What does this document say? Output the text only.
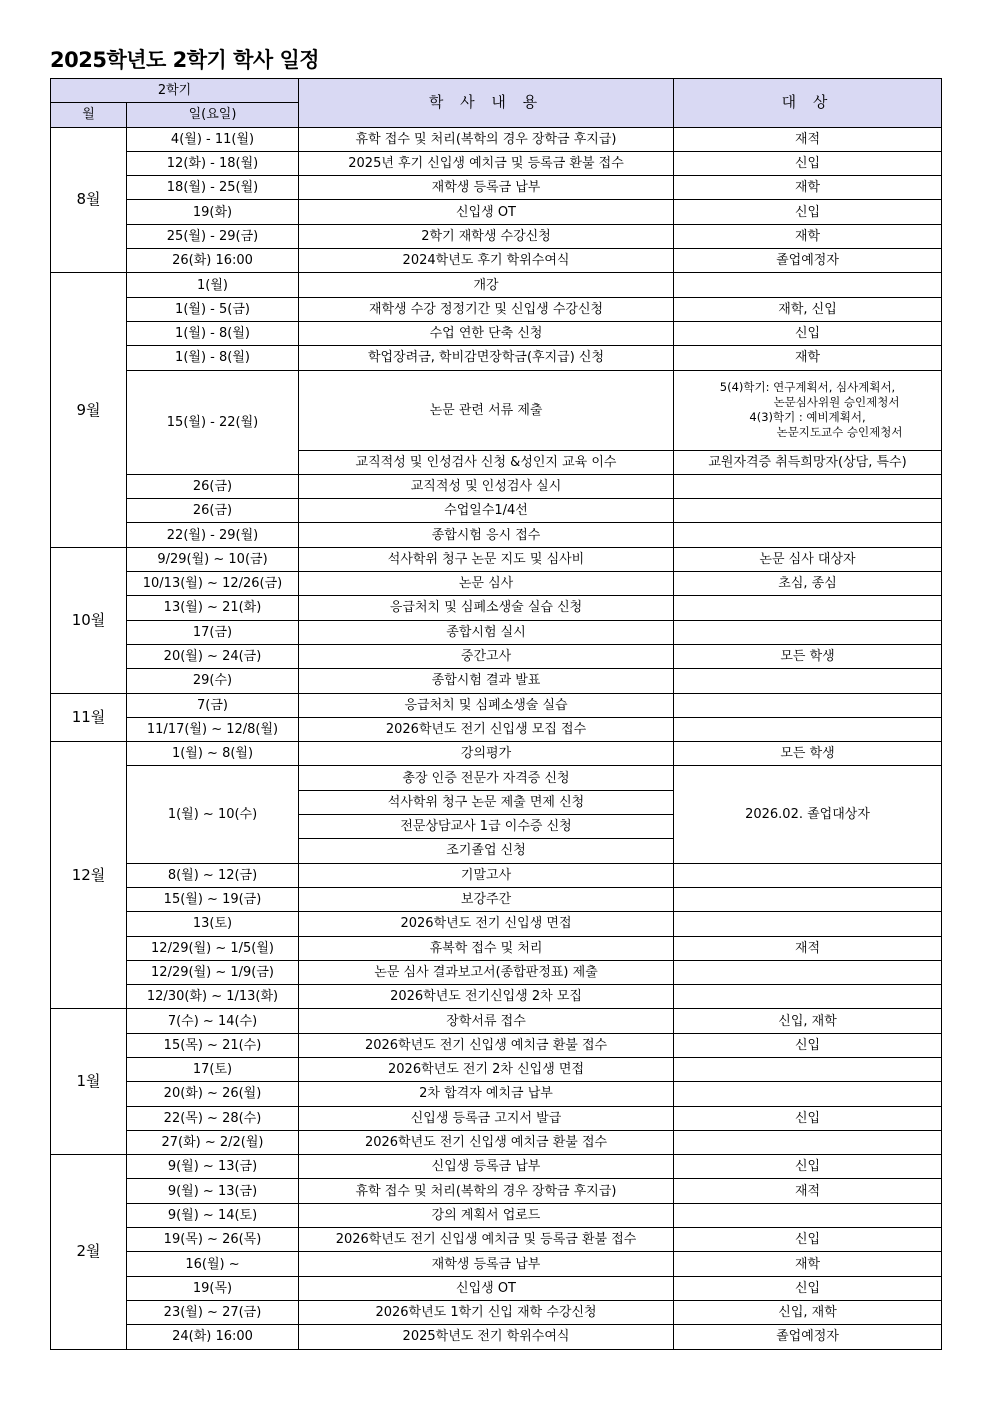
2025학년도 2학기 학사 일정
2학기		학 사 내 용	대 상
월	일(요일)		
8월	4(월) - 11(월)	휴학 접수 및 처리(복학의 경우 장학금 후지급)	재적
	12(화) - 18(월)	2025년 후기 신입생 예치금 및 등록금 환불 접수	신입
	18(월) - 25(월)	재학생 등록금 납부	재학
	19(화)	신입생 OT	신입
	25(월) - 29(금)	2학기 재학생 수강신청	재학
	26(화) 16:00	2024학년도 후기 학위수여식	졸업예정자
9월	1(월)	개강	
	1(월) - 5(금)	재학생 수강 정정기간 및 신입생 수강신청	재학, 신입
	1(월) - 8(월)	수업 연한 단축 신청	신입
	1(월) - 8(월)	학업장려금, 학비감면장학금(후지급) 신청	재학
	15(월) - 22(월)	논문 관련 서류 제출	5(4)학기: 연구계획서, 심사계획서,
논문심사위원 승인제청서
4(3)학기 : 예비계획서,
논문지도교수 승인제청서

		교직적성 및 인성검사 신청 &성인지 교육 이수	교원자격증 취득희망자(상담, 특수)
	26(금)	교직적성 및 인성검사 실시	
	26(금)	수업일수1/4선	
	22(월) - 29(월)	종합시험 응시 접수	
10월	9/29(월) ~ 10(금)	석사학위 청구 논문 지도 및 심사비	논문 심사 대상자
	10/13(월) ~ 12/26(금)	논문 심사	초심, 종심
	13(월) ~ 21(화)	응급처치 및 심폐소생술 실습 신청	
	17(금)	종합시험 실시	
	20(월) ~ 24(금)	중간고사	모든 학생
	29(수)	종합시험 결과 발표	
11월	7(금)	응급처치 및 심폐소생술 실습	
	11/17(월) ~ 12/8(월)	2026학년도 전기 신입생 모집 접수	
12월	1(월) ~ 8(월)	강의평가	모든 학생
	1(월) ~ 10(수)	총장 인증 전문가 자격증 신청	2026.02. 졸업대상자
		석사학위 청구 논문 제출 면제 신청	
		전문상담교사 1급 이수증 신청	
		조기졸업 신청	
	8(월) ~ 12(금)	기말고사	
	15(월) ~ 19(금)	보강주간	
	13(토)	2026학년도 전기 신입생 면접	
	12/29(월) ~ 1/5(월)	휴복학 접수 및 처리	재적
	12/29(월) ~ 1/9(금)	논문 심사 결과보고서(종합판정표) 제출	
	12/30(화) ~ 1/13(화)	2026학년도 전기신입생 2차 모집	
1월	7(수) ~ 14(수)	장학서류 접수	신입, 재학
	15(목) ~ 21(수)	2026학년도 전기 신입생 예치금 환불 접수	신입
	17(토)	2026학년도 전기 2차 신입생 면접	
	20(화) ~ 26(월)	2차 합격자 예치금 납부	
	22(목) ~ 28(수)	신입생 등록금 고지서 발급	신입
	27(화) ~ 2/2(월)	2026학년도 전기 신입생 예치금 환불 접수	
2월	9(월) ~ 13(금)	신입생 등록금 납부	신입
	9(월) ~ 13(금)	휴학 접수 및 처리(복학의 경우 장학금 후지급)	재적
	9(월) ~ 14(토)	강의 계획서 업로드	
	19(목) ~ 26(목)	2026학년도 전기 신입생 예치금 및 등록금 환불 접수	신입
	16(월) ~	재학생 등록금 납부	재학
	19(목)	신입생 OT	신입
	23(월) ~ 27(금)	2026학년도 1학기 신입 재학 수강신청	신입, 재학
	24(화) 16:00	2025학년도 전기 학위수여식	졸업예정자
